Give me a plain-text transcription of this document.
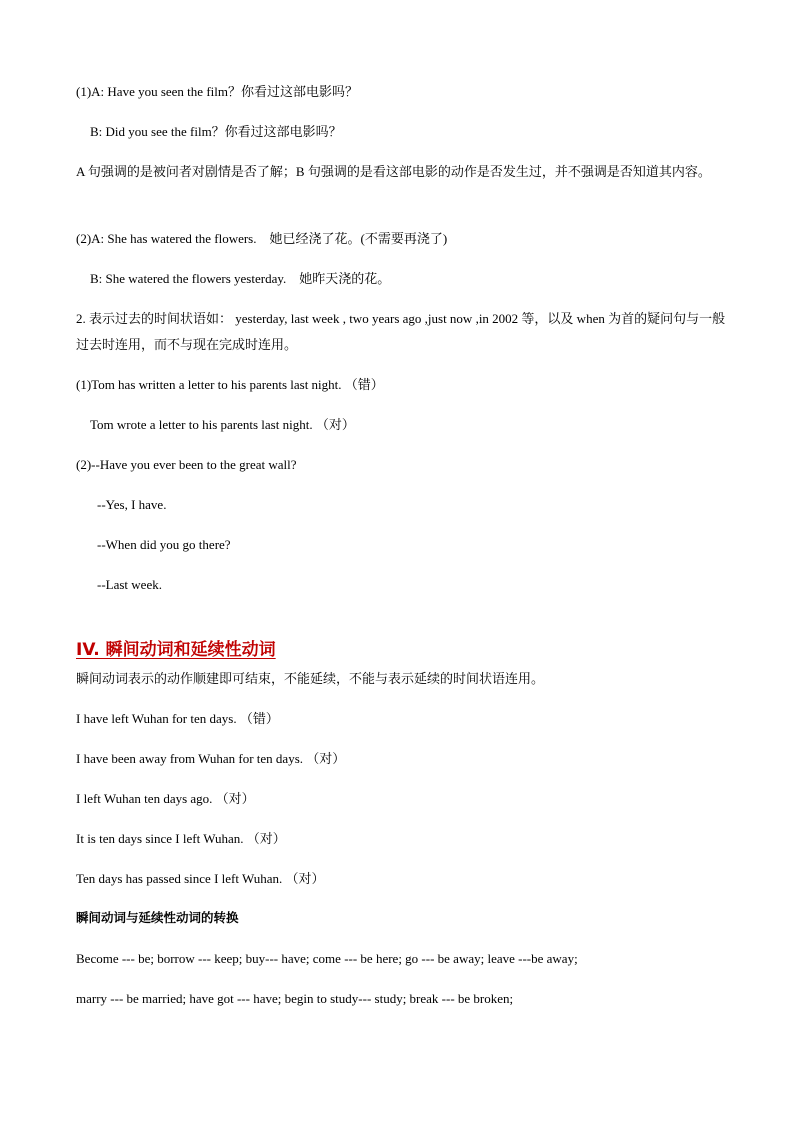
(1)A: Have you seen the film？你看过这部电影吗？
B: Did you see the film？你看过这部电影吗？
A 句强调的是被问者对剧情是否了解；B 句强调的是看这部电影的动作是否发生过，并不强调是否知道其内容。
(2)A: She has watered the flowers.　她已经浇了花。(不需要再浇了)
B: She watered the flowers yesterday.　她昨天浇的花。
2. 表示过去的时间状语如： yesterday, last week , two years ago ,just now ,in 2002 等，以及 when 为首的疑问句与一般过去时连用，而不与现在完成时连用。
(1)Tom has written a letter to his parents last night. （错）
Tom wrote a letter to his parents last night. （对）
(2)--Have you ever been to the great wall?
--Yes, I have.
--When did you go there?
--Last week.
IV. 瞬间动词和延续性动词
瞬间动词表示的动作顺建即可结束，不能延续，不能与表示延续的时间状语连用。
I have left Wuhan for ten days. （错）
I have been away from Wuhan for ten days. （对）
I left Wuhan ten days ago. （对）
It is ten days since I left Wuhan. （对）
Ten days has passed since I left Wuhan. （对）
瞬间动词与延续性动词的转换
Become --- be; borrow --- keep; buy--- have; come --- be here; go --- be away; leave ---be away;
marry --- be married; have got --- have; begin to study--- study; break --- be broken;
